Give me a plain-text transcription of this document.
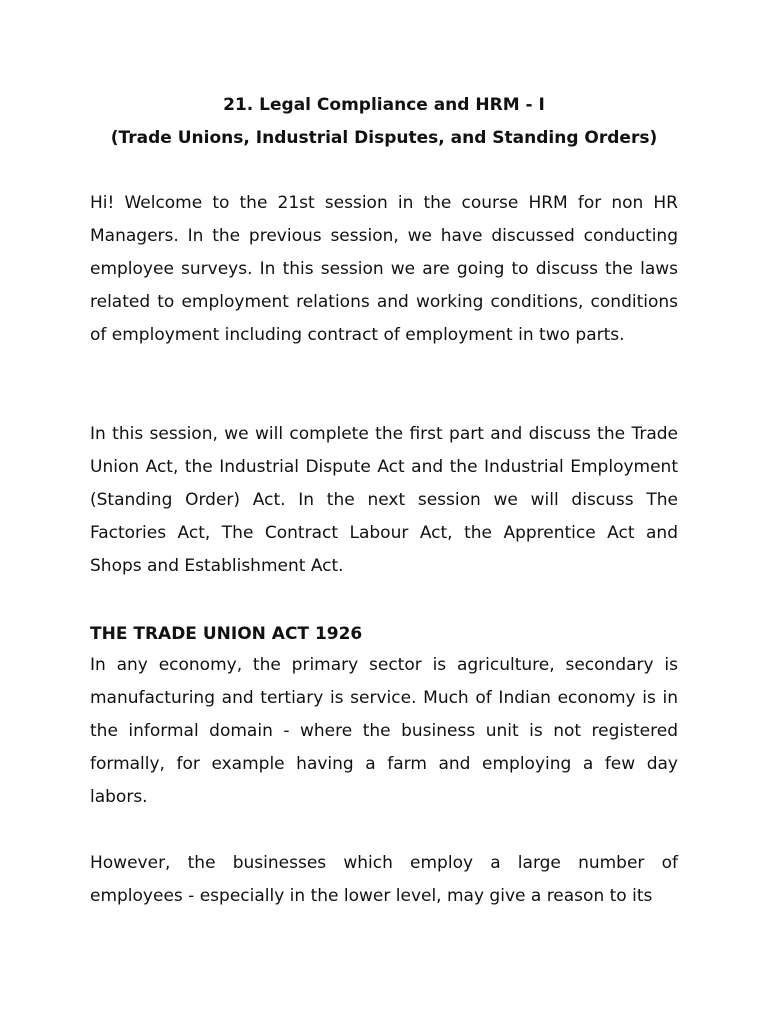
21. Legal Compliance and HRM - I
(Trade Unions, Industrial Disputes, and Standing Orders)

Hi! Welcome to the 21st session in the course HRM for non HR Managers. In the previous session, we have discussed conducting employee surveys. In this session we are going to discuss the laws related to employment relations and working conditions, conditions of employment including contract of employment in two parts.

In this session, we will complete the first part and discuss the Trade Union Act, the Industrial Dispute Act and the Industrial Employment (Standing Order) Act. In the next session we will discuss The Factories Act, The Contract Labour Act, the Apprentice Act and Shops and Establishment Act.

THE TRADE UNION ACT 1926

In any economy, the primary sector is agriculture, secondary is manufacturing and tertiary is service. Much of Indian economy is in the informal domain - where the business unit is not registered formally, for example having a farm and employing a few day labors.

However, the businesses which employ a large number of employees - especially in the lower level, may give a reason to its
